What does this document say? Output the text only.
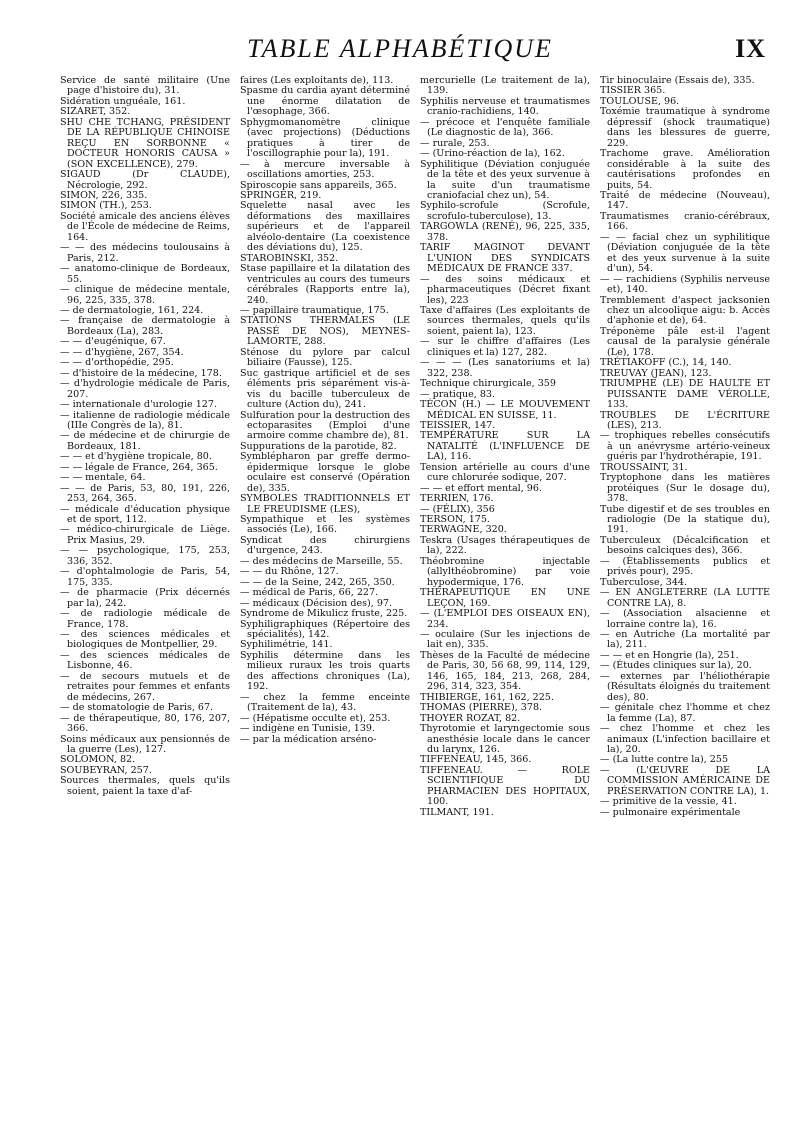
TABLE ALPHABÉTIQUE	IX

Service de santé militaire (Une page d'histoire du), 31.

Sidération unguéale, 161.

SIZARET, 352.

SHU CHE TCHANG, PRÉSIDENT DE LA RÉPUBLIQUE CHINOISE REÇU EN SORBONNE « DOCTEUR HONORIS CAUSA » (SON EXCELLENCE), 279.

SIGAUD (Dr CLAUDE), Nécrologie, 292.

SIMON, 226, 335.

SIMON (TH.), 253.

Société amicale des anciens élèves de l'École de médecine de Reims, 164.

— — des médecins toulousains à Paris, 212.

— anatomo-clinique de Bordeaux, 55.

— clinique de médecine mentale, 96, 225, 335, 378.

— de dermatologie, 161, 224.

— française de dermatologie à Bordeaux (La), 283.

— — d'eugénique, 67.

— — d'hygiène, 267, 354.

— — d'orthopédie, 295.

— d'histoire de la médecine, 178.

— d'hydrologie médicale de Paris, 207.

— internationale d'urologie 127.

— italienne de radiologie médicale (IIIe Congrès de la), 81.

— de médecine et de chirurgie de Bordeaux, 181.

— — et d'hygiène tropicale, 80.

— — légale de France, 264, 365.

— — mentale, 64.

— — de Paris, 53, 80, 191, 226, 253, 264, 365.

— médicale d'éducation physique et de sport, 112.

— médico-chirurgicale de Liège. Prix Masius, 29.

— — psychologique, 175, 253, 336, 352.

— d'ophtalmologie de Paris, 54, 175, 335.

— de pharmacie (Prix décernés par la), 242.

— de radiologie médicale de France, 178.

— des sciences médicales et biologiques de Montpellier, 29.

— des sciences médicales de Lisbonne, 46.

— de secours mutuels et de retraites pour femmes et enfants de médecins, 267.

— de stomatologie de Paris, 67.

— de thérapeutique, 80, 176, 207, 366.

Soins médicaux aux pensionnés de la guerre (Les), 127.

SOLOMON, 82.

SOUBEYRAN, 257.

Sources thermales, quels qu'ils soient, paient la taxe d'af-

faires (Les exploitants de), 113.

Spasme du cardia ayant déterminé une énorme dilatation de l'œsophage, 366.

Sphygmomanomètre clinique (avec projections) (Déductions pratiques à tirer de l'oscillographie pour la), 191.

— à mercure inversable à oscillations amorties, 253.

Spiroscopie sans appareils, 365.

SPRINGER, 219.

Squelette nasal avec les déformations des maxillaires supérieurs et de l'appareil alvéolo-dentaire (La coexistence des déviations du), 125.

STAROBINSKI, 352.

Stase papillaire et la dilatation des ventricules au cours des tumeurs cérébrales (Rapports entre la), 240.

— papillaire traumatique, 175.

STATIONS THERMALES (LE PASSÉ DE NOS), MEYNES-LAMORTE, 288.

Sténose du pylore par calcul biliaire (Fausse), 125.

Suc gastrique artificiel et de ses éléments pris séparément vis-à-vis du bacille tuberculeux de culture (Action du), 241.

Sulfuration pour la destruction des ectoparasites (Emploi d'une armoire comme chambre de), 81.

Suppurations de la parotide, 82.

Symblépharon par greffe dermo-épidermique lorsque le globe oculaire est conservé (Opération de), 335.

SYMBOLES TRADITIONNELS ET LE FREUDISME (LES),

Sympathique et les systèmes associés (Le), 166.

Syndicat des chirurgiens d'urgence, 243.

— des médecins de Marseille, 55.

— — du Rhône, 127.

— — de la Seine, 242, 265, 350.

— médical de Paris, 66, 227.

— médicaux (Décision des), 97.

Syndrome de Mikulicz fruste, 225.

Syphiligraphiques (Répertoire des spécialités), 142.

Syphilimétrie, 141.

Syphilis détermine dans les milieux ruraux les trois quarts des affections chroniques (La), 192.

— chez la femme enceinte (Traitement de la), 43.

— (Hépatisme occulte et), 253.

— indigène en Tunisie, 139.

— par la médication arséno-

mercurielle (Le traitement de la), 139.

Syphilis nerveuse et traumatismes cranio-rachidiens, 140.

— précoce et l'enquête familiale (Le diagnostic de la), 366.

— rurale, 253.

— (Urino-réaction de la), 162.

Syphilitique (Déviation conjuguée de la tête et des yeux survenue à la suite d'un traumatisme craniofacial chez un), 54.

Syphilo-scrofule (Scrofule, scrofulo-tuberculose), 13.

TARGOWLA (RENÉ), 96, 225, 335, 378.

TARIF MAGINOT DEVANT L'UNION DES SYNDICATS MÉDICAUX DE FRANCE 337.

— des soins médicaux et pharmaceutiques (Décret fixant les), 223

Taxe d'affaires (Les exploitants de sources thermales, quels qu'ils soient, paient la), 123.

— sur le chiffre d'affaires (Les cliniques et la) 127, 282.

— — — (Les sanatoriums et la) 322, 238.

Technique chirurgicale, 359

— pratique, 83.

TÉCON (H.) — LE MOUVEMENT MÉDICAL EN SUISSE, 11.

TEISSIER, 147.

TEMPÉRATURE SUR LA NATALITÉ (L'INFLUENCE DE LA), 116.

Tension artérielle au cours d'une cure chlorurée sodique, 207.

— — et effort mental, 96.

TERRIEN, 176.

— (FÉLIX), 356

TERSON, 175.

TERWAGNE, 320.

Teskra (Usages thérapeutiques de la), 222.

Théobromine injectable (allylthéobromine) par voie hypodermique, 176.

THÉRAPEUTIQUE EN UNE LEÇON, 169.

— (L'EMPLOI DES OISEAUX EN), 234.

— oculaire (Sur les injections de lait en), 335.

Thèses de la Faculté de médecine de Paris, 30, 56 68, 99, 114, 129, 146, 165, 184, 213, 268, 284, 296, 314, 323, 354.

THIBIERGE, 161, 162, 225.

THOMAS (PIERRE), 378.

THOYER ROZAT, 82.

Thyrotomie et laryngectomie sous anesthésie locale dans le cancer du larynx, 126.

TIFFENEAU, 145, 366.

TIFFENEAU. — ROLE SCIENTIFIQUE DU PHARMACIEN DES HOPITAUX, 100.

TILMANT, 191.

Tir binoculaire (Essais de), 335.

TISSIER 365.

TOULOUSE, 96.

Toxémie traumatique à syndrome dépressif (shock traumatique) dans les blessures de guerre, 229.

Trachome grave. Amélioration considérable à la suite des cautérisations profondes en puits, 54.

Traité de médecine (Nouveau), 147.

Traumatismes cranio-cérébraux, 166.

— — facial chez un syphilitique (Déviation conjuguée de la tête et des yeux survenue à la suite d'un), 54.

— — rachidiens (Syphilis nerveuse et), 140.

Tremblement d'aspect jacksonien chez un alcoolique aigu: b. Accès d'aphonie et de), 64.

Tréponème pâle est-il l'agent causal de la paralysie générale (Le), 178.

TRÉTIAKOFF (C.), 14, 140.

TREUVAY (JEAN), 123.

TRIUMPHE (LE) DE HAULTE ET PUISSANTE DAME VÉROLLE, 133.

TROUBLES DE L'ÉCRITURE (LES), 213.

— trophiques rebelles consécutifs à un anévrysme artério-veineux guéris par l'hydrothérapie, 191.

TROUSSAINT, 31.

Tryptophone dans les matières protéiques (Sur le dosage du), 378.

Tube digestif et de ses troubles en radiologie (De la statique du), 191.

Tuberculeux (Décalcification et besoins calciques des), 366.

— (Établissements publics et privés pour), 295.

Tuberculose, 344.

— EN ANGLETERRE (LA LUTTE CONTRE LA), 8.

— (Association alsacienne et lorraine contre la), 16.

— en Autriche (La mortalité par la), 211.

— — et en Hongrie (la), 251.

— (Études cliniques sur la), 20.

— externes par l'héliothérapie (Résultats éloignés du traitement des), 80.

— génitale chez l'homme et chez la femme (La), 87.

— chez l'homme et chez les animaux (L'infection bacillaire et la), 20.

— (La lutte contre la), 255

— (L'ŒUVRE DE LA COMMISSION AMÉRICAINE DE PRÉSERVATION CONTRE LA), 1.

— primitive de la vessie, 41.

— pulmonaire expérimentale
